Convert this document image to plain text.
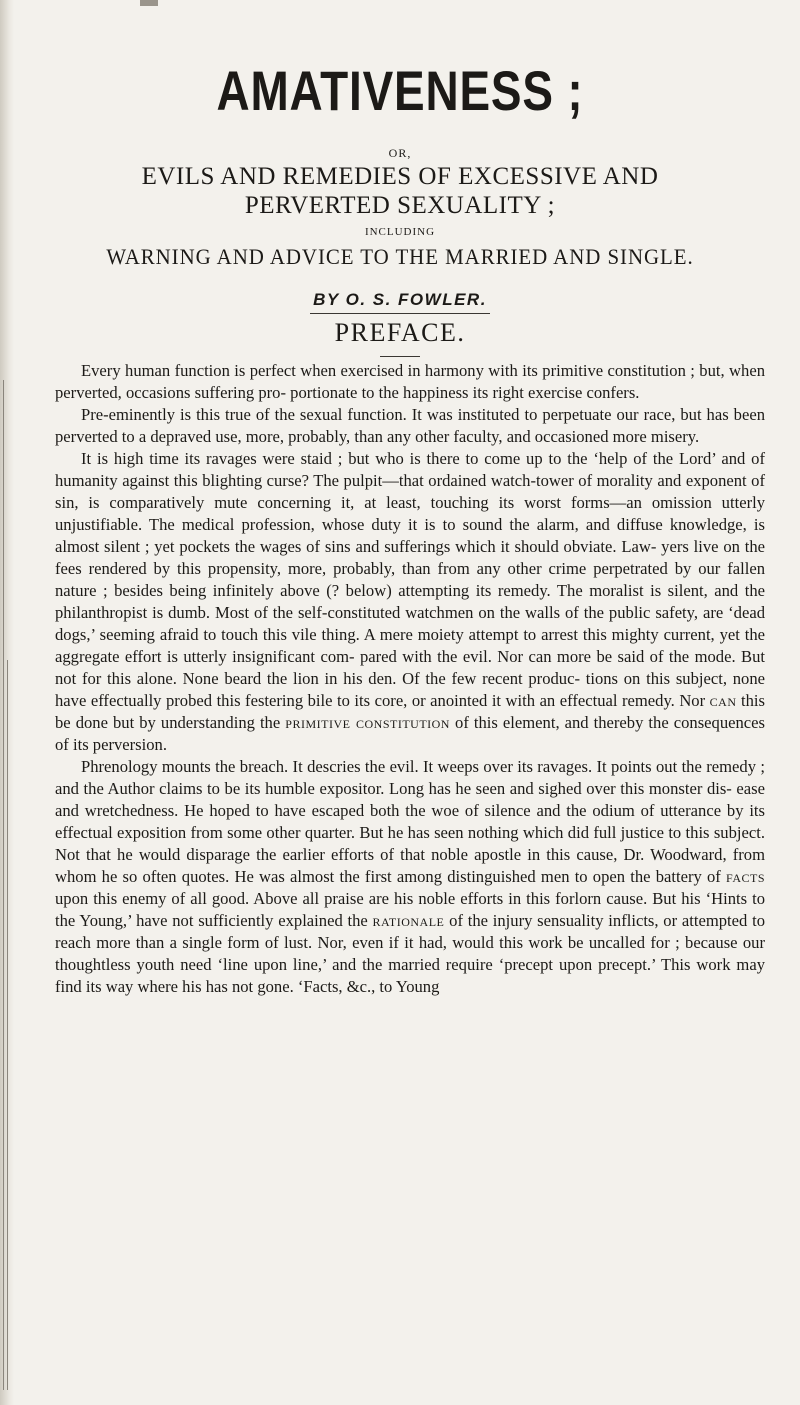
AMATIVENESS ;
OR,
EVILS AND REMEDIES OF EXCESSIVE AND
PERVERTED SEXUALITY ;
INCLUDING
WARNING AND ADVICE TO THE MARRIED AND SINGLE.
BY O. S. FOWLER.
PREFACE.

Every human function is perfect when exercised in harmony with its primitive constitution ; but, when perverted, occasions suffering pro- portionate to the happiness its right exercise confers.

Pre-eminently is this true of the sexual function. It was instituted to perpetuate our race, but has been perverted to a depraved use, more, probably, than any other faculty, and occasioned more misery.

It is high time its ravages were staid ; but who is there to come up to the ‘help of the Lord’ and of humanity against this blighting curse? The pulpit—that ordained watch-tower of morality and exponent of sin, is comparatively mute concerning it, at least, touching its worst forms—an omission utterly unjustifiable. The medical profession, whose duty it is to sound the alarm, and diffuse knowledge, is almost silent ; yet pockets the wages of sins and sufferings which it should obviate. Law- yers live on the fees rendered by this propensity, more, probably, than from any other crime perpetrated by our fallen nature ; besides being infinitely above (? below) attempting its remedy. The moralist is silent, and the philanthropist is dumb. Most of the self-constituted watchmen on the walls of the public safety, are ‘dead dogs,’ seeming afraid to touch this vile thing. A mere moiety attempt to arrest this mighty current, yet the aggregate effort is utterly insignificant com- pared with the evil. Nor can more be said of the mode. But not for this alone. None beard the lion in his den. Of the few recent produc- tions on this subject, none have effectually probed this festering bile to its core, or anointed it with an effectual remedy. Nor can this be done but by understanding the primitive constitution of this element, and thereby the consequences of its perversion.

Phrenology mounts the breach. It descries the evil. It weeps over its ravages. It points out the remedy ; and the Author claims to be its humble expositor. Long has he seen and sighed over this monster dis- ease and wretchedness. He hoped to have escaped both the woe of silence and the odium of utterance by its effectual exposition from some other quarter. But he has seen nothing which did full justice to this subject. Not that he would disparage the earlier efforts of that noble apostle in this cause, Dr. Woodward, from whom he so often quotes. He was almost the first among distinguished men to open the battery of facts upon this enemy of all good. Above all praise are his noble efforts in this forlorn cause. But his ‘Hints to the Young,’ have not sufficiently explained the rationale of the injury sensuality inflicts, or attempted to reach more than a single form of lust. Nor, even if it had, would this work be uncalled for ; because our thoughtless youth need ‘line upon line,’ and the married require ‘precept upon precept.’ This work may find its way where his has not gone. ‘Facts, &c., to Young
